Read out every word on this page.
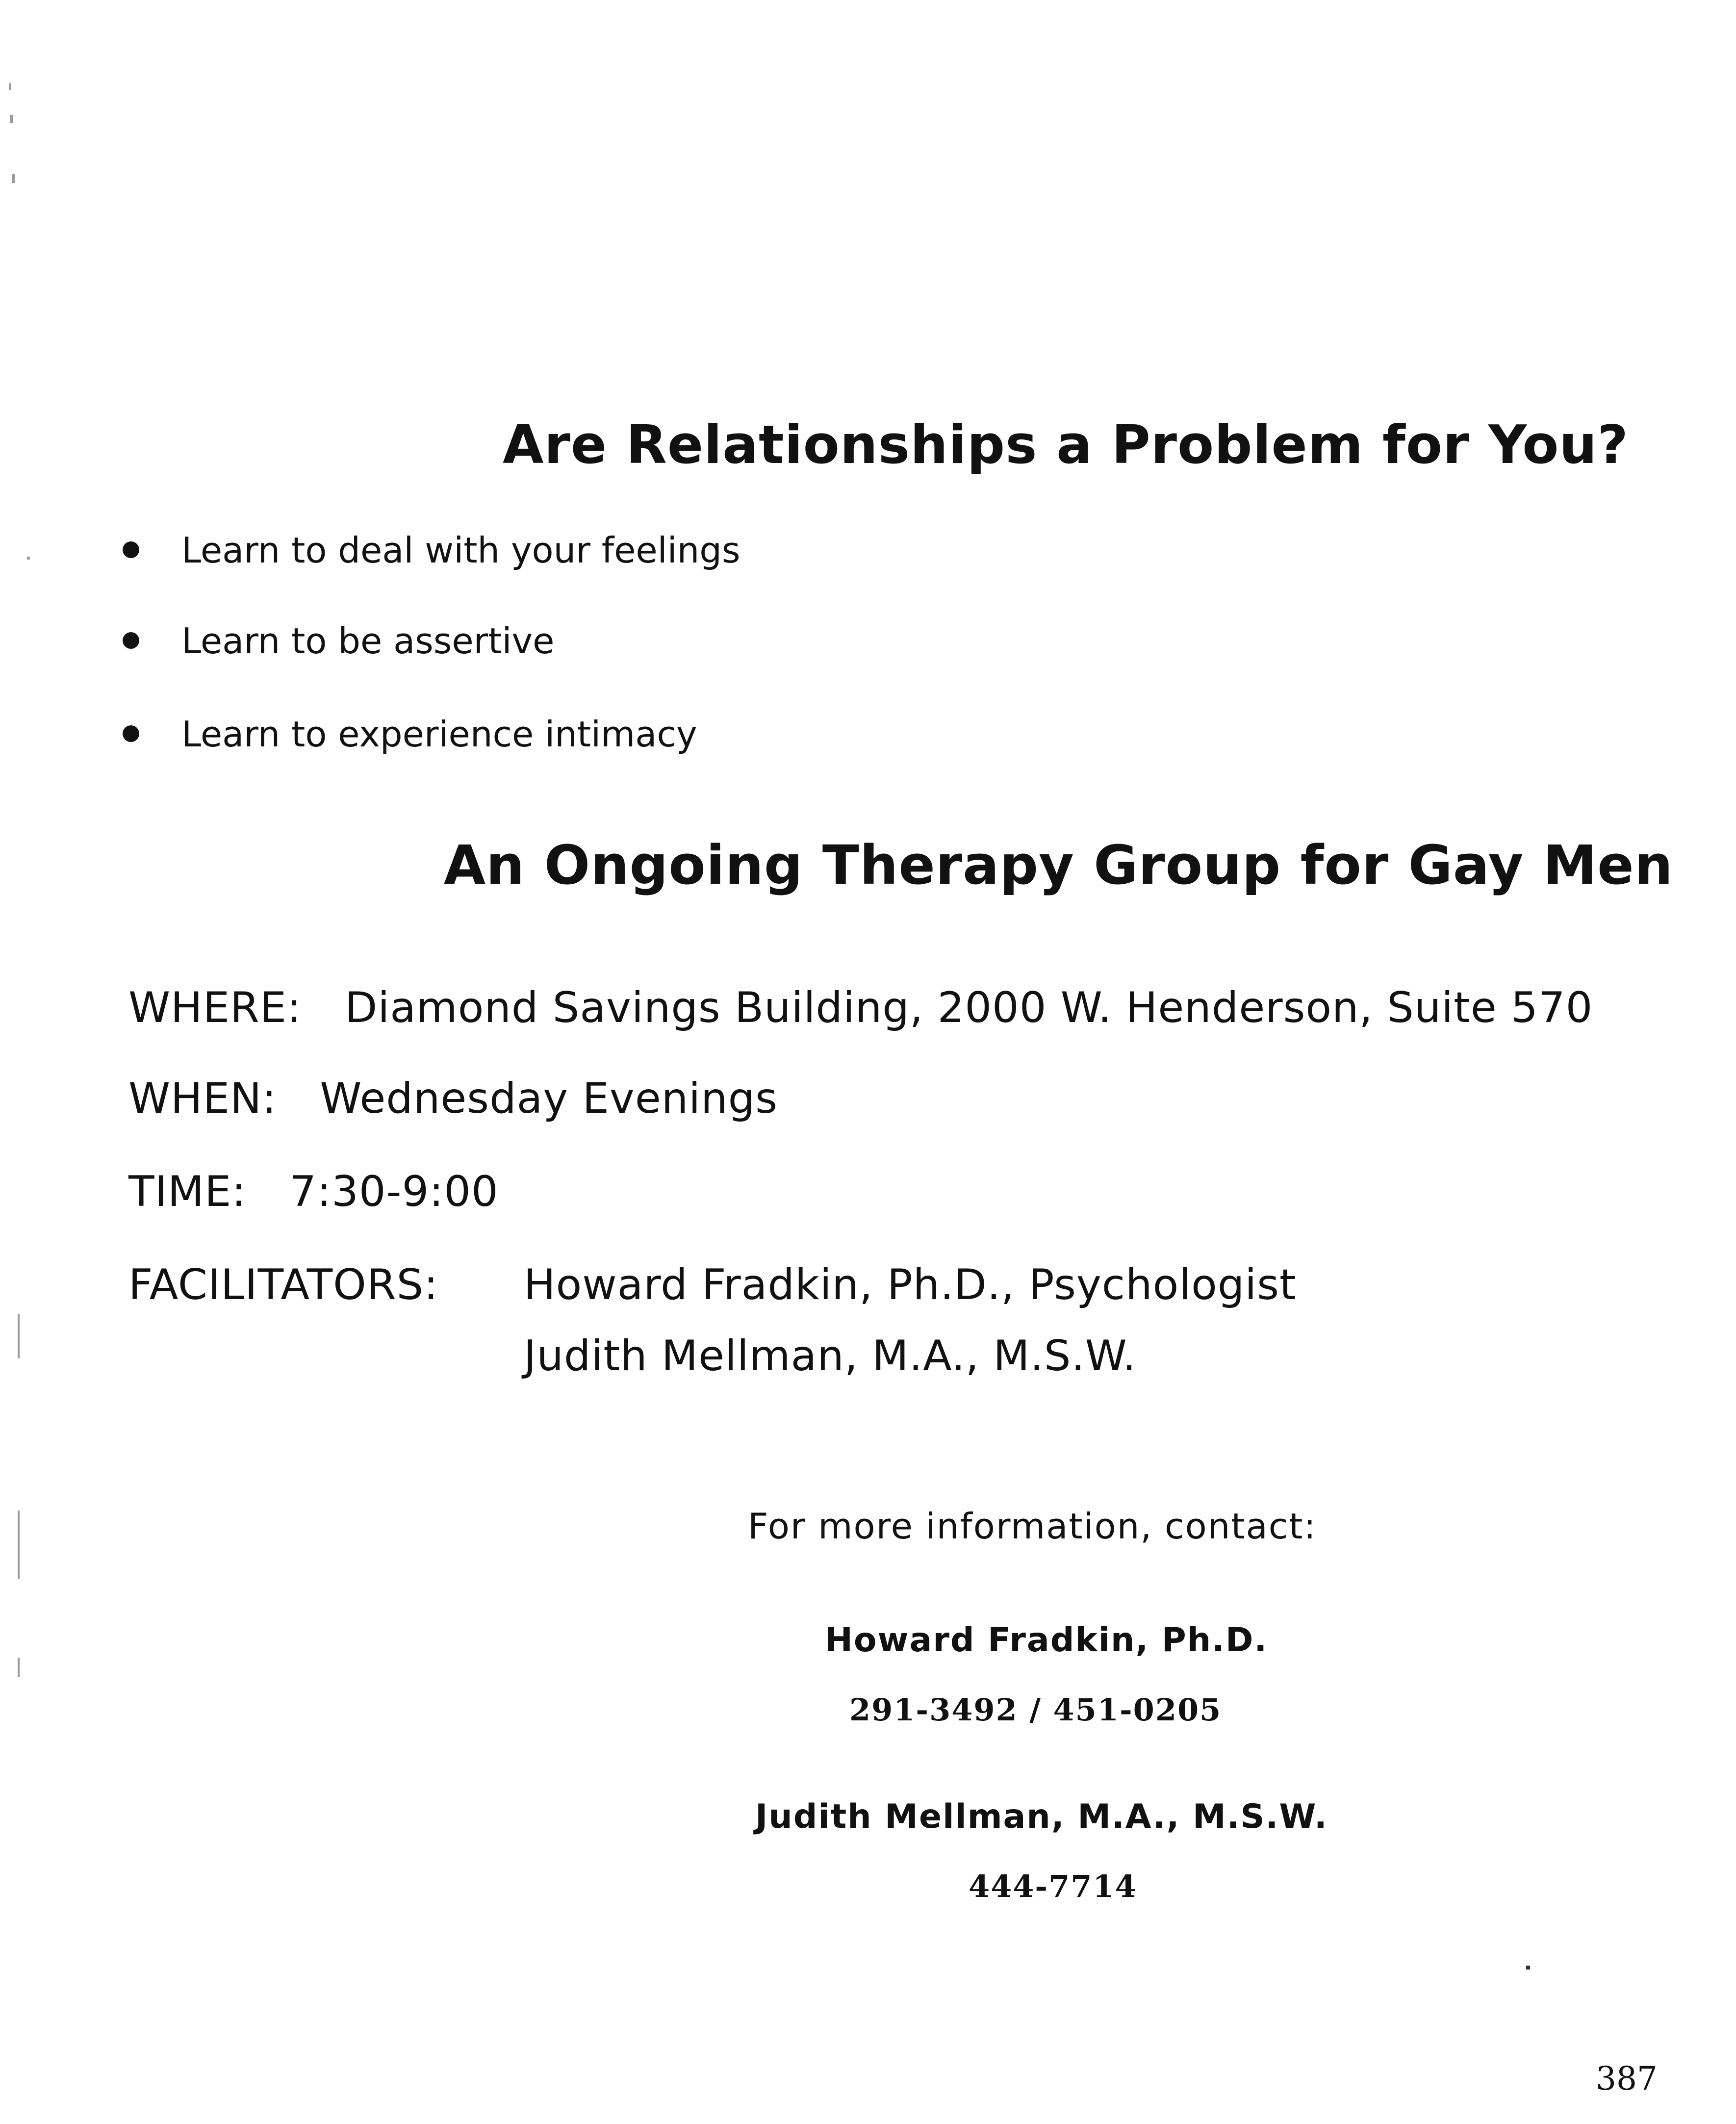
Are Relationships a Problem for You?
Learn to deal with your feelings
Learn to be assertive
Learn to experience intimacy
An Ongoing Therapy Group for Gay Men
WHERE: Diamond Savings Building, 2000 W. Henderson, Suite 570
WHEN: Wednesday Evenings
TIME: 7:30-9:00
FACILITATORS: Howard Fradkin, Ph.D., Psychologist
Judith Mellman, M.A., M.S.W.
For more information, contact:
Howard Fradkin, Ph.D.
291-3492 / 451-0205
Judith Mellman, M.A., M.S.W.
444-7714
387
